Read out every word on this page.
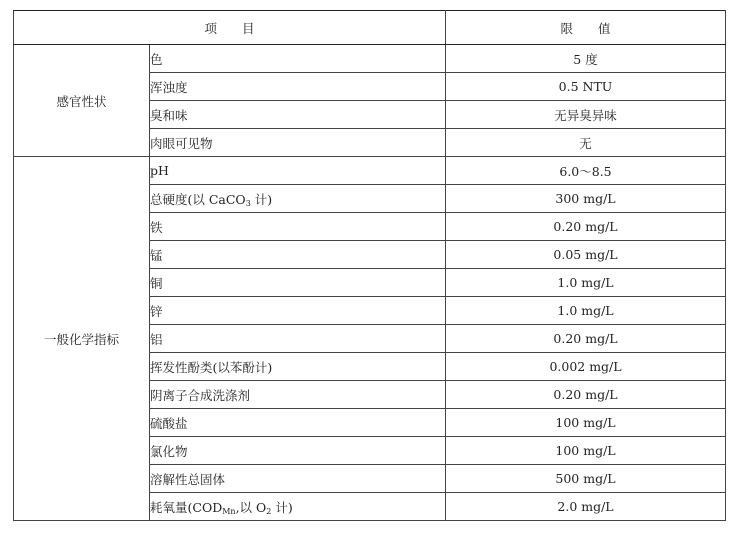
项　　目		限　　值
感官性状	色	5 度
	浑浊度	0.5 NTU
	臭和味	无异臭异味
	肉眼可见物	无
一般化学指标	pH	6.0～8.5
	总硬度(以 CaCO$_3$ 计)	300 mg/L
	铁	0.20 mg/L
	锰	0.05 mg/L
	铜	1.0 mg/L
	锌	1.0 mg/L
	铝	0.20 mg/L
	挥发性酚类(以苯酚计)	0.002 mg/L
	阴离子合成洗涤剂	0.20 mg/L
	硫酸盐	100 mg/L
	氯化物	100 mg/L
	溶解性总固体	500 mg/L
	耗氧量($COD_{Mn}$,以 $O_2$ 计)	2.0 mg/L
